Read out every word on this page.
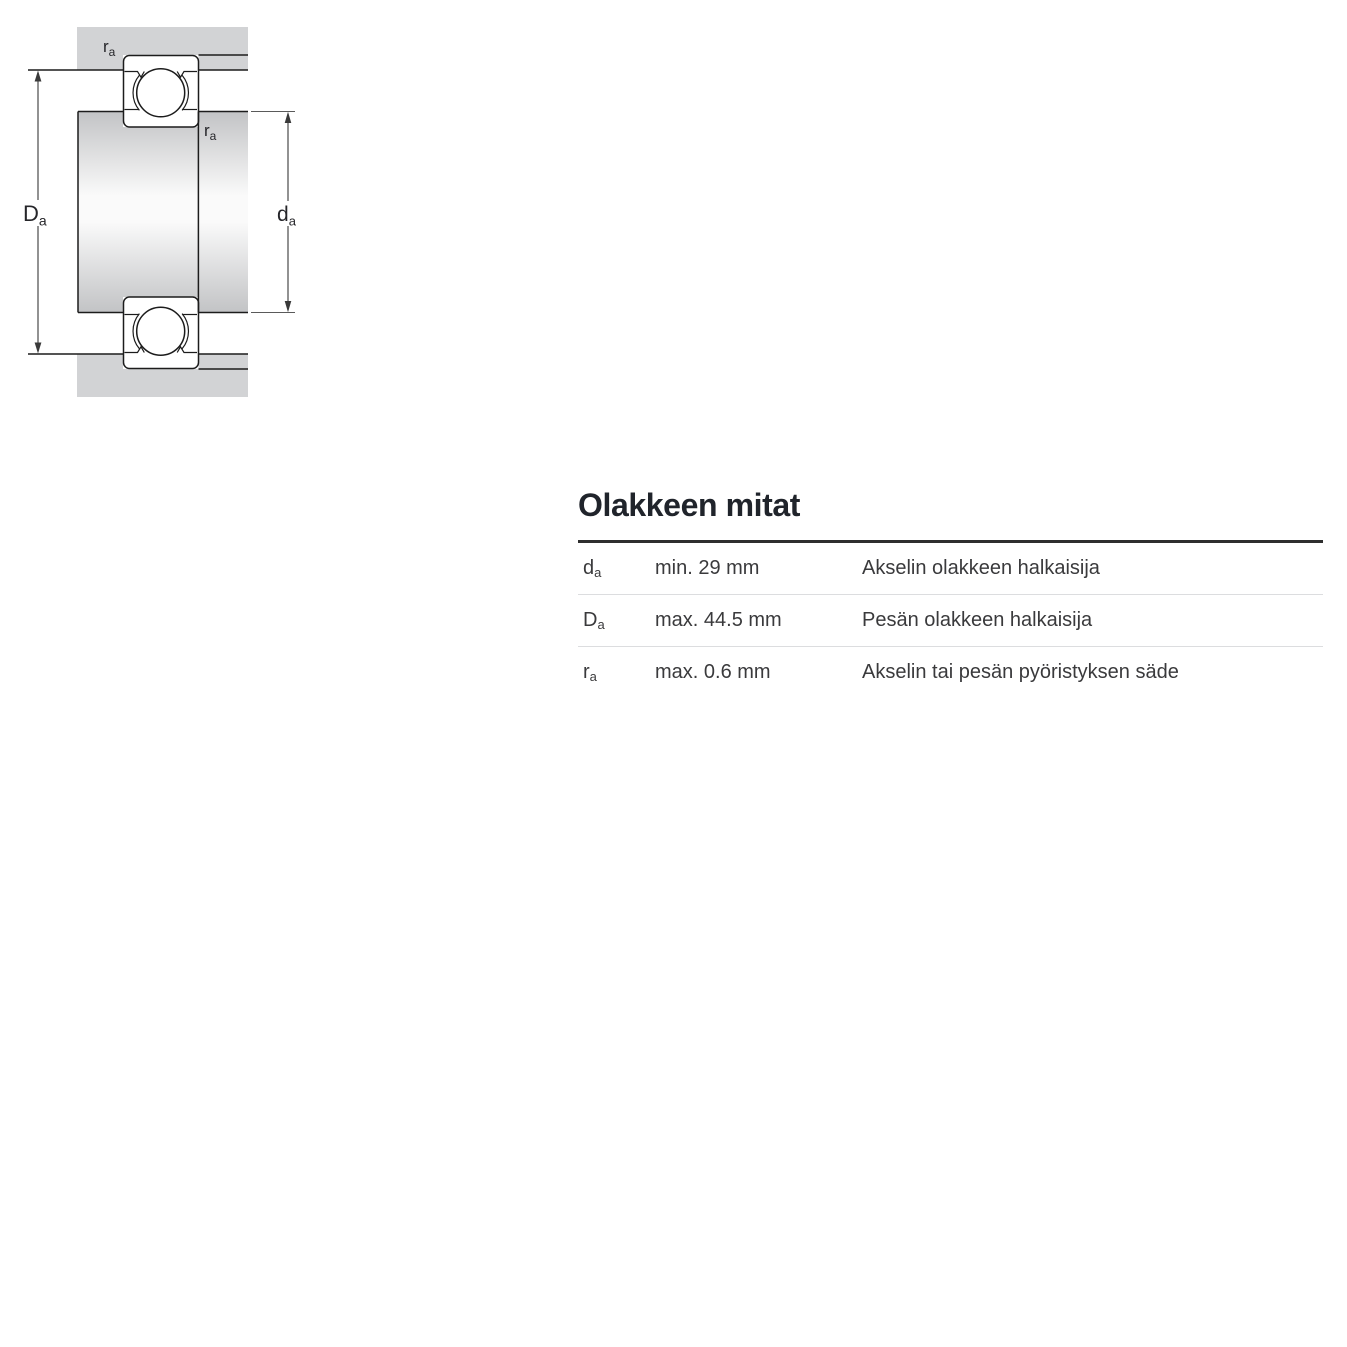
$r_a$
$r_a$
$D_a$	$d_a$
Olakkeen mitat
$d_a$	min. 29 mm	Akselin olakkeen halkaisija
$D_a$	max. 44.5 mm	Pesän olakkeen halkaisija
$r_a$	max. 0.6 mm	Akselin tai pesän pyöristyksen säde
